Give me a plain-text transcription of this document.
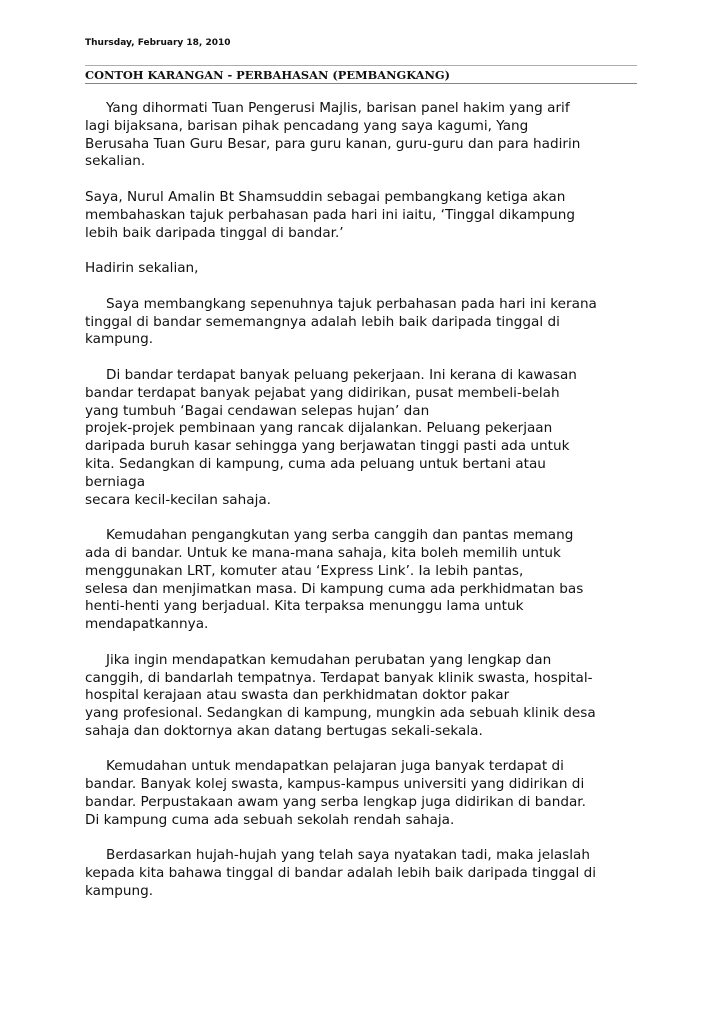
Thursday, February 18, 2010
CONTOH KARANGAN - PERBAHASAN (PEMBANGKANG)
Yang dihormati Tuan Pengerusi Majlis, barisan panel hakim yang arif
lagi bijaksana, barisan pihak pencadang yang saya kagumi, Yang
Berusaha Tuan Guru Besar, para guru kanan, guru-guru dan para hadirin
sekalian.
Saya, Nurul Amalin Bt Shamsuddin sebagai pembangkang ketiga akan
membahaskan tajuk perbahasan pada hari ini iaitu, ‘Tinggal dikampung
lebih baik daripada tinggal di bandar.’
Hadirin sekalian,
Saya membangkang sepenuhnya tajuk perbahasan pada hari ini kerana
tinggal di bandar sememangnya adalah lebih baik daripada tinggal di
kampung.
Di bandar terdapat banyak peluang pekerjaan. Ini kerana di kawasan
bandar terdapat banyak pejabat yang didirikan, pusat membeli-belah
yang tumbuh ‘Bagai cendawan selepas hujan’ dan
projek-projek pembinaan yang rancak dijalankan. Peluang pekerjaan
daripada buruh kasar sehingga yang berjawatan tinggi pasti ada untuk
kita. Sedangkan di kampung, cuma ada peluang untuk bertani atau
berniaga
secara kecil-kecilan sahaja.
Kemudahan pengangkutan yang serba canggih dan pantas memang
ada di bandar. Untuk ke mana-mana sahaja, kita boleh memilih untuk
menggunakan LRT, komuter atau ‘Express Link’. Ia lebih pantas,
selesa dan menjimatkan masa. Di kampung cuma ada perkhidmatan bas
henti-henti yang berjadual. Kita terpaksa menunggu lama untuk
mendapatkannya.
Jika ingin mendapatkan kemudahan perubatan yang lengkap dan
canggih, di bandarlah tempatnya. Terdapat banyak klinik swasta, hospital-
hospital kerajaan atau swasta dan perkhidmatan doktor pakar
yang profesional. Sedangkan di kampung, mungkin ada sebuah klinik desa
sahaja dan doktornya akan datang bertugas sekali-sekala.
Kemudahan untuk mendapatkan pelajaran juga banyak terdapat di
bandar. Banyak kolej swasta, kampus-kampus universiti yang didirikan di
bandar. Perpustakaan awam yang serba lengkap juga didirikan di bandar.
Di kampung cuma ada sebuah sekolah rendah sahaja.
Berdasarkan hujah-hujah yang telah saya nyatakan tadi, maka jelaslah
kepada kita bahawa tinggal di bandar adalah lebih baik daripada tinggal di
kampung.
